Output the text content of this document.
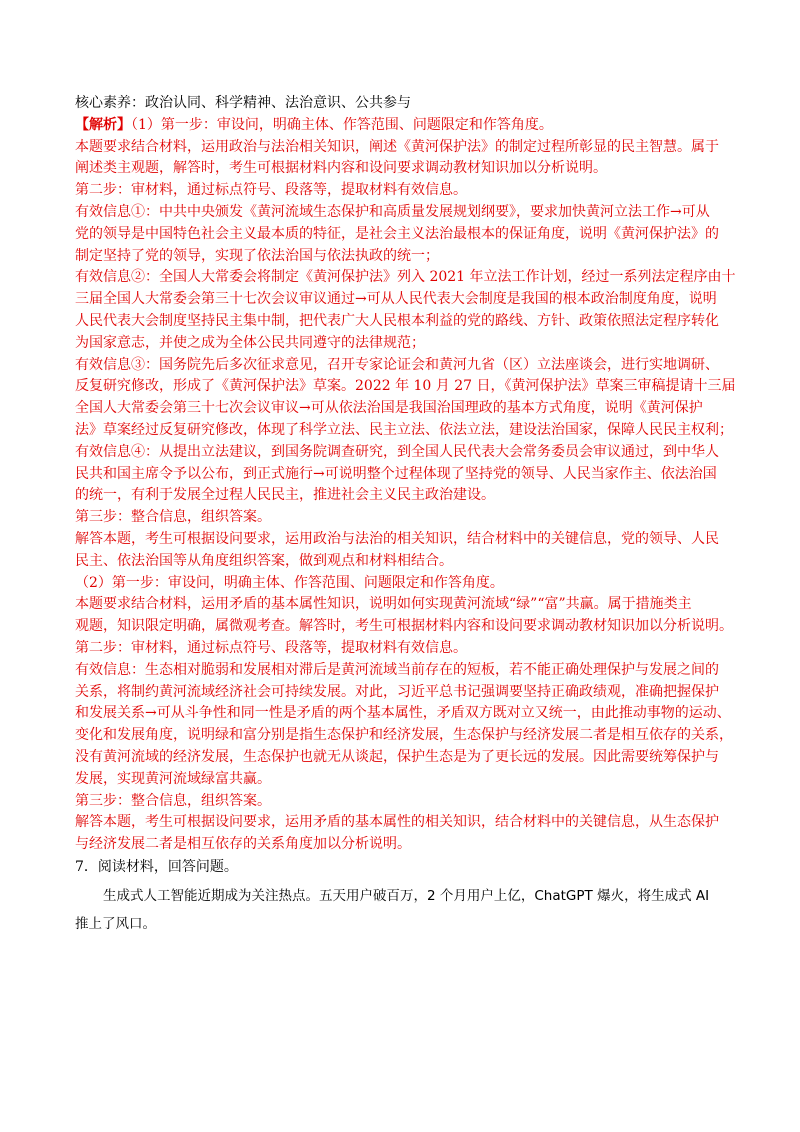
核心素养：政治认同、科学精神、法治意识、公共参与
【解析】（1）第一步：审设问，明确主体、作答范围、问题限定和作答角度。
本题要求结合材料，运用政治与法治相关知识，阐述《黄河保护法》的制定过程所彰显的民主智慧。属于
阐述类主观题，解答时，考生可根据材料内容和设问要求调动教材知识加以分析说明。
第二步：审材料，通过标点符号、段落等，提取材料有效信息。
有效信息①：中共中央颁发《黄河流域生态保护和高质量发展规划纲要》，要求加快黄河立法工作→可从
党的领导是中国特色社会主义最本质的特征，是社会主义法治最根本的保证角度，说明《黄河保护法》的
制定坚持了党的领导，实现了依法治国与依法执政的统一；
有效信息②：全国人大常委会将制定《黄河保护法》列入 2021 年立法工作计划，经过一系列法定程序由十
三届全国人大常委会第三十七次会议审议通过→可从人民代表大会制度是我国的根本政治制度角度，说明
人民代表大会制度坚持民主集中制，把代表广大人民根本利益的党的路线、方针、政策依照法定程序转化
为国家意志，并使之成为全体公民共同遵守的法律规范；
有效信息③：国务院先后多次征求意见，召开专家论证会和黄河九省（区）立法座谈会，进行实地调研、
反复研究修改，形成了《黄河保护法》草案。2022 年 10 月 27 日，《黄河保护法》草案三审稿提请十三届
全国人大常委会第三十七次会议审议→可从依法治国是我国治国理政的基本方式角度，说明《黄河保护
法》草案经过反复研究修改，体现了科学立法、民主立法、依法立法，建设法治国家，保障人民民主权利；
有效信息④：从提出立法建议，到国务院调查研究，到全国人民代表大会常务委员会审议通过，到中华人
民共和国主席令予以公布，到正式施行→可说明整个过程体现了坚持党的领导、人民当家作主、依法治国
的统一，有利于发展全过程人民民主，推进社会主义民主政治建设。
第三步：整合信息，组织答案。
解答本题，考生可根据设问要求，运用政治与法治的相关知识，结合材料中的关键信息，党的领导、人民
民主、依法治国等从角度组织答案，做到观点和材料相结合。
（2）第一步：审设问，明确主体、作答范围、问题限定和作答角度。
本题要求结合材料，运用矛盾的基本属性知识，说明如何实现黄河流域“绿”“富”共赢。属于措施类主
观题，知识限定明确，属微观考查。解答时，考生可根据材料内容和设问要求调动教材知识加以分析说明。
第二步：审材料，通过标点符号、段落等，提取材料有效信息。
有效信息：生态相对脆弱和发展相对滞后是黄河流域当前存在的短板，若不能正确处理保护与发展之间的
关系，将制约黄河流域经济社会可持续发展。对此，习近平总书记强调要坚持正确政绩观，准确把握保护
和发展关系→可从斗争性和同一性是矛盾的两个基本属性，矛盾双方既对立又统一，由此推动事物的运动、
变化和发展角度，说明绿和富分别是指生态保护和经济发展，生态保护与经济发展二者是相互依存的关系，
没有黄河流域的经济发展，生态保护也就无从谈起，保护生态是为了更长远的发展。因此需要统筹保护与
发展，实现黄河流域绿富共赢。
第三步：整合信息，组织答案。
解答本题，考生可根据设问要求，运用矛盾的基本属性的相关知识，结合材料中的关键信息，从生态保护
与经济发展二者是相互依存的关系角度加以分析说明。
7．阅读材料，回答问题。
生成式人工智能近期成为关注热点。五天用户破百万，2 个月用户上亿，ChatGPT 爆火，将生成式 AI
推上了风口。
